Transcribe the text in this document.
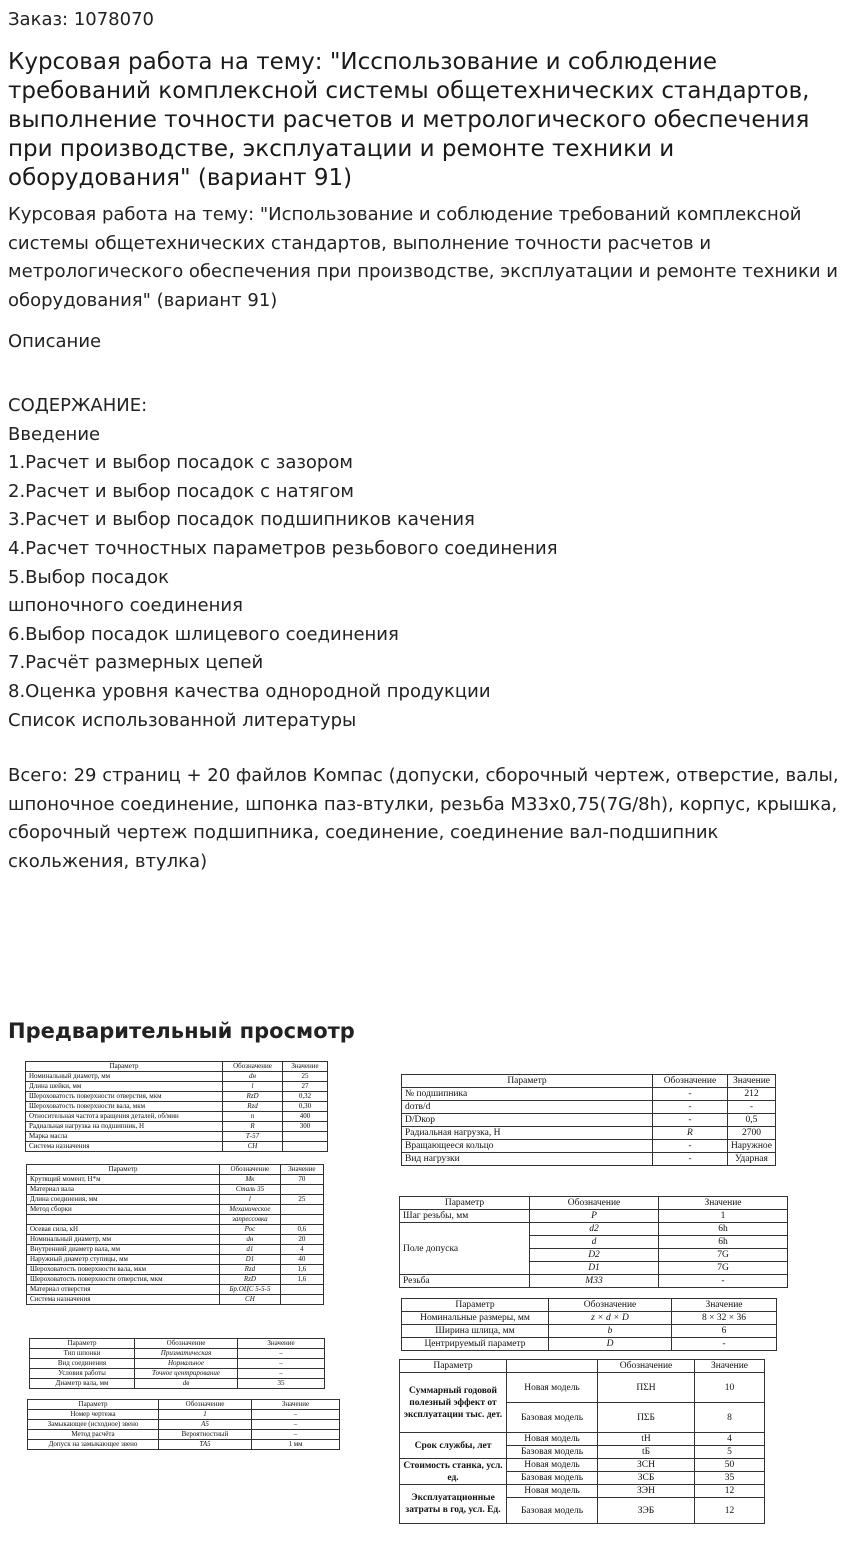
Заказ: 1078070
Курсовая работа на тему: "Исспользование и соблюдение требований комплексной системы общетехнических стандартов, выполнение точности расчетов и метрологического обеспечения при производстве, эксплуатации и ремонте техники и оборудования" (вариант 91)
Курсовая работа на тему: "Использование и соблюдение требований комплексной системы общетехнических стандартов, выполнение точности расчетов и метрологического обеспечения при производстве, эксплуатации и ремонте техники и оборудования" (вариант 91)
Описание
СОДЕРЖАНИЕ:
Введение
1.Расчет и выбор посадок с зазором
2.Расчет и выбор посадок с натягом
3.Расчет и выбор посадок подшипников качения
4.Расчет точностных параметров резьбового соединения
5.Выбор посадок
шпоночного соединения
6.Выбор посадок шлицевого соединения
7.Расчёт размерных цепей
8.Оценка уровня качества однородной продукции
Список использованной литературы
Всего: 29 страниц + 20 файлов Компас (допуски, сборочный чертеж, отверстие, валы, шпоночное соединение, шпонка паз-втулки, резьба М33х0,75(7G/8h), корпус, крышка, сборочный чертеж подшипника, соединение, соединение вал-подшипник скольжения, втулка)
Предварительный просмотр
Параметр	Обозначение	Значение
Номинальный диаметр, мм	dн	25
Длина шейки, мм	l	27
Шероховатость поверхности отверстия, мкм	RzD	0,32
Шероховатость поверхности вала, мкм	Rzd	0,30
Относительная частота вращения деталей, об/мин	n	400
Радиальная нагрузка на подшипник, Н	R	300
Марка масла	Т-57	
Система назначения	СН	
Параметр	Обозначение	Значение
Крутящий момент, Н*м	Мк	70
Материал вала	Сталь 35	
Длина соединения, мм	l	25
Метод сборки	Механическое	
	запрессовка	
Осевая сила, кН	Рос	0,6
Номинальный диаметр, мм	dн	20
Внутренний диаметр вала, мм	d1	4
Наружный диаметр ступицы, мм	D1	40
Шероховатость поверхности вала, мкм	Rzd	1,6
Шероховатость поверхности отверстия, мкм	RzD	1,6
Материал отверстия	Бр.ОЦС 5-5-5	
Система назначения	СН	
Параметр	Обозначение	Значение
Тип шпонки	Призматическая	–
Вид соединения	Нормальное	–
Условия работы	Точное центрирование	–
Диаметр вала, мм	dв	35
Параметр	Обозначение	Значение
Номер чертежа	1	–
Замыкающее (исходное) звено	А5	–
Метод расчёта	Вероятностный	–
Допуск на замыкающее звено	ТА5	1 мм
Параметр	Обозначение	Значение
№ подшипника	-	212
dотв/d	-	-
D/Dкор	-	0,5
Радиальная нагрузка, Н	R	2700
Вращающееся кольцо	-	Наружное
Вид нагрузки	-	Ударная
Параметр	Обозначение	Значение
Шаг резьбы, мм	P	1
Поле допуска	d2	6h
	d	6h
	D2	7G
	D1	7G
Резьба	М33	-
Параметр	Обозначение	Значение
Номинальные размеры, мм	z × d × D	8 × 32 × 36
Ширина шлица, мм	b	6
Центрируемый параметр	D	-
Параметр		Обозначение	Значение
Суммарный годовой полезный эффект от эксплуатации тыс. дет.	Новая модель	ПΣН	10
	Базовая модель	ПΣБ	8
Срок службы, лет	Новая модель	tН	4
	Базовая модель	tБ	5
Стоимость станка, усл. ед.	Новая модель	ЗСН	50
	Базовая модель	ЗСБ	35
Эксплуатационные затраты в год, усл. Ед.	Новая модель	ЗЭН	12
	Базовая модель	ЗЭБ	12
